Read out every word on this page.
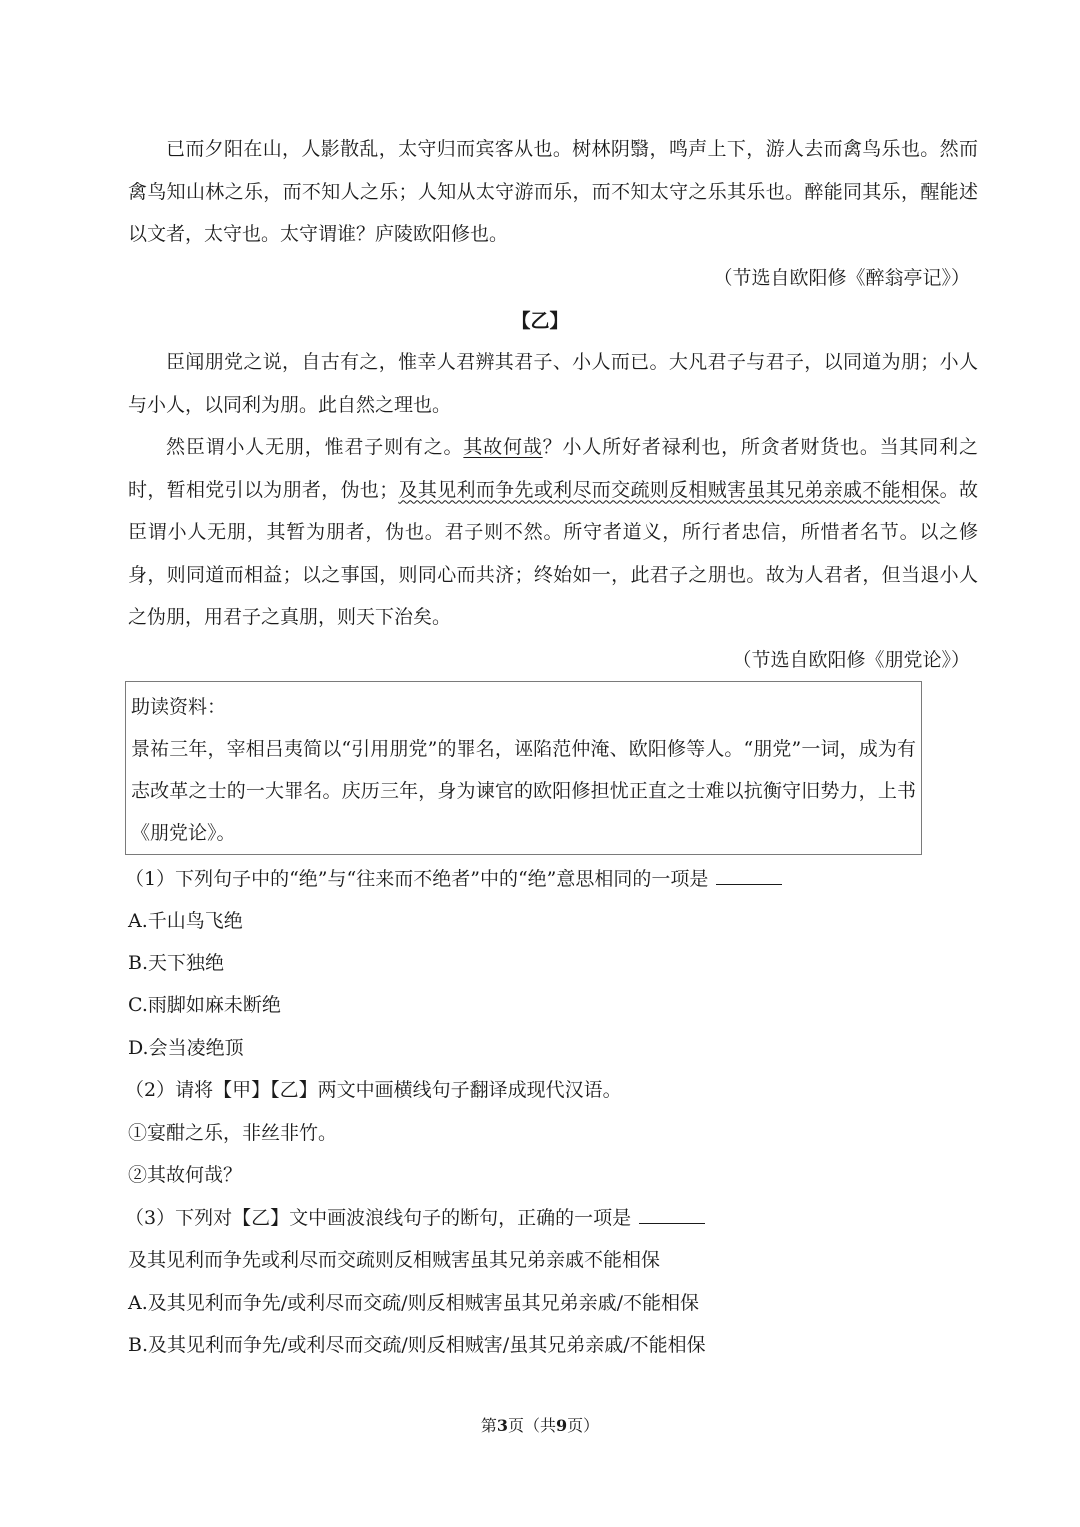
已而夕阳在山，人影散乱，太守归而宾客从也。树林阴翳，鸣声上下，游人去而禽鸟乐也。然而禽鸟知山林之乐，而不知人之乐；人知从太守游而乐，而不知太守之乐其乐也。醉能同其乐，醒能述以文者，太守也。太守谓谁？庐陵欧阳修也。

（节选自欧阳修《醉翁亭记》）

【乙】

臣闻朋党之说，自古有之，惟幸人君辨其君子、小人而已。大凡君子与君子，以同道为朋；小人与小人，以同利为朋。此自然之理也。

然臣谓小人无朋，惟君子则有之。其故何哉？小人所好者禄利也，所贪者财货也。当其同利之时，暂相党引以为朋者，伪也；及其见利而争先或利尽而交疏则反相贼害虽其兄弟亲戚不能相保。故臣谓小人无朋，其暂为朋者，伪也。君子则不然。所守者道义，所行者忠信，所惜者名节。以之修身，则同道而相益；以之事国，则同心而共济；终始如一，此君子之朋也。故为人君者，但当退小人之伪朋，用君子之真朋，则天下治矣。

（节选自欧阳修《朋党论》）

助读资料：

景祐三年，宰相吕夷简以“引用朋党”的罪名，诬陷范仲淹、欧阳修等人。“朋党”一词，成为有志改革之士的一大罪名。庆历三年，身为谏官的欧阳修担忧正直之士难以抗衡守旧势力，上书《朋党论》。

（1）下列句子中的“绝”与“往来而不绝者”中的“绝”意思相同的一项是

A.千山鸟飞绝

B.天下独绝

C.雨脚如麻未断绝

D.会当凌绝顶

（2）请将【甲】【乙】两文中画横线句子翻译成现代汉语。

①宴酣之乐，非丝非竹。

②其故何哉？

（3）下列对【乙】文中画波浪线句子的断句，正确的一项是

及其见利而争先或利尽而交疏则反相贼害虽其兄弟亲戚不能相保

A.及其见利而争先/或利尽而交疏/则反相贼害虽其兄弟亲戚/不能相保

B.及其见利而争先/或利尽而交疏/则反相贼害/虽其兄弟亲戚/不能相保

第3页（共9页）
